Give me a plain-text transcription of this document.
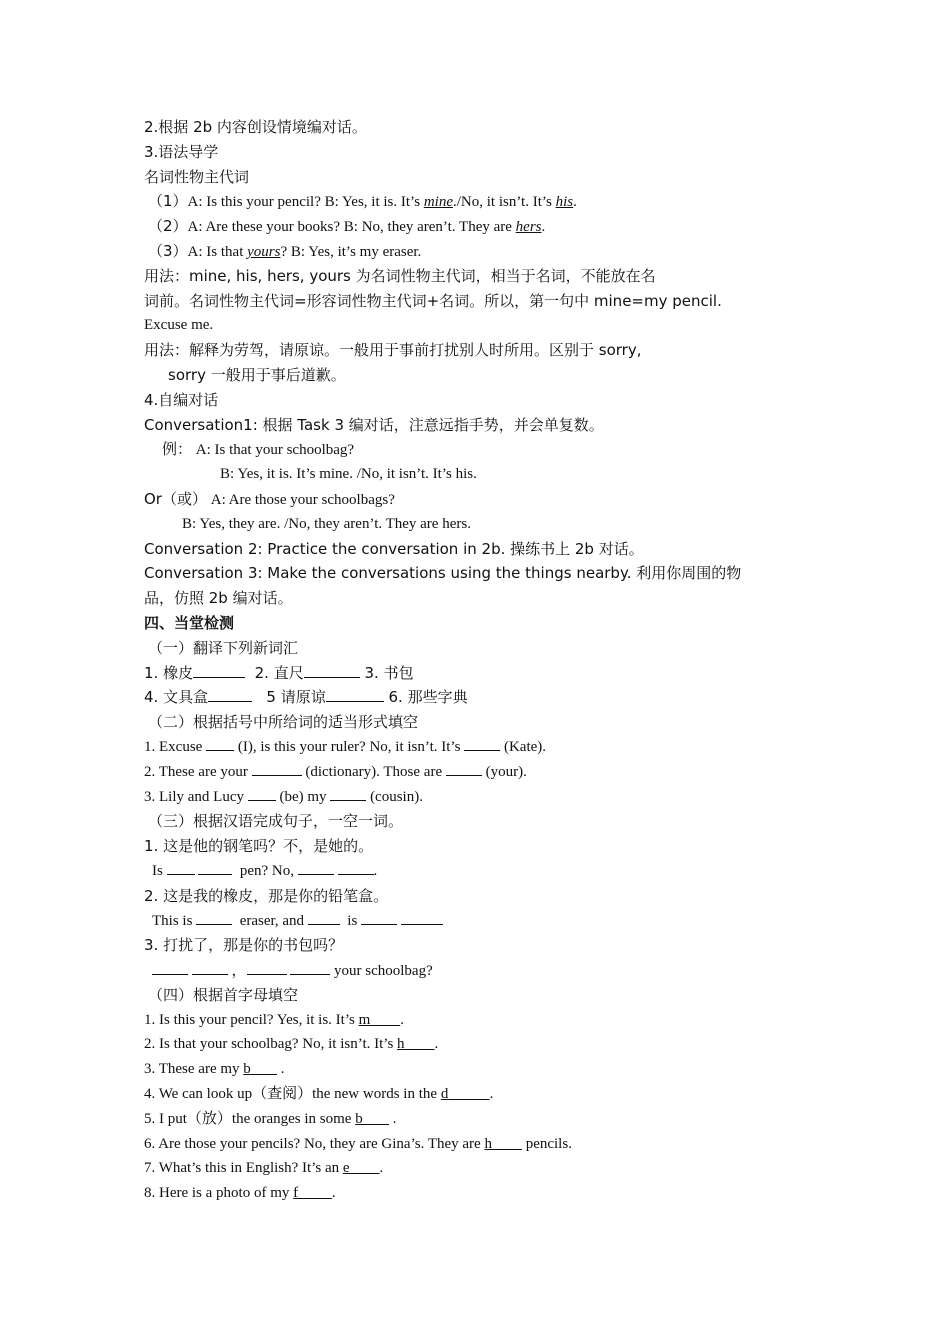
2.根据 2b 内容创设情境编对话。
3.语法导学
名词性物主代词
（1）A: Is this your pencil? B: Yes, it is. It’s mine./No, it isn’t. It’s his.
（2）A: Are these your books? B: No, they aren’t. They are hers.
（3）A: Is that yours? B: Yes, it’s my eraser.
用法：mine, his, hers, yours 为名词性物主代词，相当于名词，不能放在名
词前。名词性物主代词=形容词性物主代词+名词。所以，第一句中 mine=my pencil.
Excuse me.
用法：解释为劳驾，请原谅。一般用于事前打扰别人时所用。区别于 sorry,
sorry 一般用于事后道歉。
4.自编对话
Conversation1: 根据 Task 3 编对话，注意远指手势，并会单复数。
例： A: Is that your schoolbag?
B: Yes, it is. It’s mine. /No, it isn’t. It’s his.
Or（或） A: Are those your schoolbags?
B: Yes, they are. /No, they aren’t. They are hers.
Conversation 2: Practice the conversation in 2b. 操练书上 2b 对话。
Conversation 3: Make the conversations using the things nearby. 利用你周围的物
品，仿照 2b 编对话。
四、当堂检测
（一）翻译下列新词汇
1. 橡皮	2. 直尺	3. 书包
4. 文具盒	5 请原谅	6. 那些字典
（二）根据括号中所给词的适当形式填空
1. Excuse  (I), is this your ruler? No, it isn’t. It’s  (Kate).
2. These are your	(dictionary). Those are  (your).
3. Lily and Lucy  (be) my  (cousin).
（三）根据汉语完成句子，一空一词。
1. 这是他的钢笔吗？不，是她的。
Is	pen? No,	.
2. 这是我的橡皮，那是你的铅笔盒。
This is	eraser, and   is
3. 打扰了，那是你的书包吗？
，	your schoolbag?
（四）根据首字母填空
1. Is this your pencil? Yes, it is. It’s m .
2. Is that your schoolbag? No, it isn’t. It’s h .
3. These are my b        .
4. We can look up（查阅）the new words in the d	.
5. I put（放）the oranges in some b        .
6. Are those your pencils? No, they are Gina’s. They are h         pencils.
7. What’s this in English? It’s an e .
8. Here is a photo of my f .
